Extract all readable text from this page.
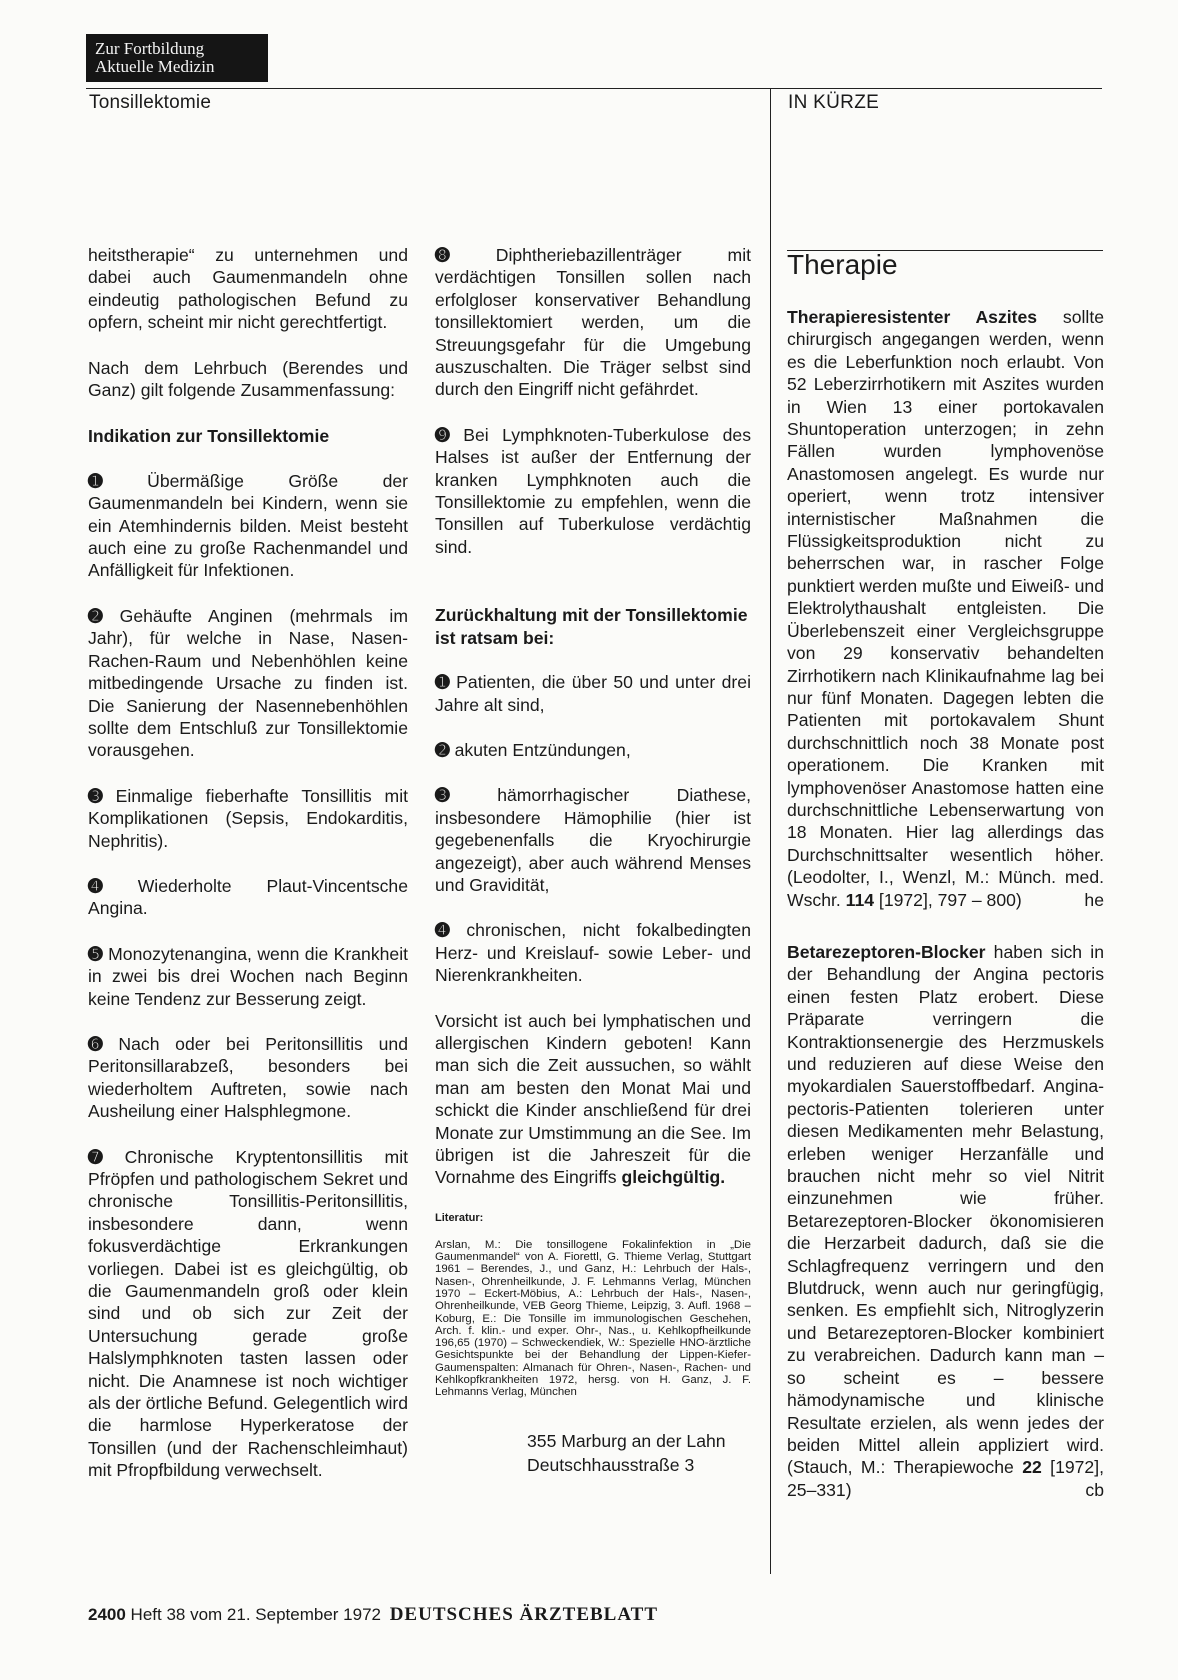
Zur Fortbildung
Aktuelle Medizin
Tonsillektomie	IN KÜRZE

heitstherapie“ zu unternehmen und dabei auch Gaumenmandeln ohne eindeutig pathologischen Befund zu opfern, scheint mir nicht gerechtfertigt.

Nach dem Lehrbuch (Berendes und Ganz) gilt folgende Zusammenfassung:

Indikation zur Tonsillektomie

➊	Übermäßige Größe der Gaumenmandeln bei Kindern, wenn sie ein Atemhindernis bilden. Meist besteht auch eine zu große Rachenmandel und Anfälligkeit für Infektionen.

➋ Gehäufte Anginen (mehrmals im Jahr), für welche in Nase, Nasen-Rachen-Raum und Nebenhöhlen keine mitbedingende Ursache zu finden ist. Die Sanierung der Nasennebenhöhlen sollte dem Entschluß zur Tonsillektomie vorausgehen.

➌ Einmalige fieberhafte Tonsillitis mit Komplikationen (Sepsis, Endokarditis, Nephritis).

➍ Wiederholte Plaut-Vincentsche Angina.

➎ Monozytenangina, wenn die Krankheit in zwei bis drei Wochen nach Beginn keine Tendenz zur Besserung zeigt.

➏ Nach oder bei Peritonsillitis und Peritonsillarabzeß, besonders bei wiederholtem Auftreten, sowie nach Ausheilung einer Halsphlegmone.

➐ Chronische Kryptentonsillitis mit Pfröpfen und pathologischem Sekret und chronische Tonsillitis-Peritonsillitis, insbesondere dann, wenn fokusverdächtige Erkrankungen vorliegen. Dabei ist es gleichgültig, ob die Gaumenmandeln groß oder klein sind und ob sich zur Zeit der Untersuchung gerade große Halslymphknoten tasten lassen oder nicht. Die Anamnese ist noch wichtiger als der örtliche Befund. Gelegentlich wird die harmlose Hyperkeratose der Tonsillen (und der Rachenschleimhaut) mit Pfropfbildung verwechselt.

➑	Diphtheriebazillenträger mit verdächtigen Tonsillen sollen nach erfolgloser konservativer Behandlung tonsillektomiert werden, um die Streuungsgefahr für die Umgebung auszuschalten. Die Träger selbst sind durch den Eingriff nicht gefährdet.

➒ Bei Lymphknoten-Tuberkulose des Halses ist außer der Entfernung der kranken Lymphknoten auch die Tonsillektomie zu empfehlen, wenn die Tonsillen auf Tuberkulose verdächtig sind.

Zurückhaltung mit der Tonsillektomie ist ratsam bei:

➊ Patienten, die über 50 und unter drei Jahre alt sind,

➋ akuten Entzündungen,

➌	hämorrhagischer Diathese, insbesondere Hämophilie (hier ist gegebenenfalls die Kryochirurgie angezeigt), aber auch während Menses und Gravidität,

➍ chronischen, nicht fokalbedingten Herz- und Kreislauf- sowie Leber- und Nierenkrankheiten.

Vorsicht ist auch bei lymphatischen und allergischen Kindern geboten! Kann man sich die Zeit aussuchen, so wählt man am besten den Monat Mai und schickt die Kinder anschließend für drei Monate zur Umstimmung an die See. Im übrigen ist die Jahreszeit für die Vornahme des Eingriffs gleichgültig.

Literatur:

Arslan, M.: Die tonsillogene Fokalinfektion in „Die Gaumenmandel“ von A. Fiorettl, G. Thieme Verlag, Stuttgart 1961 – Berendes, J., und Ganz, H.: Lehrbuch der Hals-, Nasen-, Ohrenheilkunde, J. F. Lehmanns Verlag, München 1970 – Eckert-Möbius, A.: Lehrbuch der Hals-, Nasen-, Ohrenheilkunde, VEB Georg Thieme, Leipzig, 3. Aufl. 1968 – Koburg, E.: Die Tonsille im immunologischen Geschehen, Arch. f. klin.- und exper. Ohr-, Nas., u. Kehlkopfheilkunde 196,65 (1970) – Schweckendiek, W.: Spezielle HNO-ärztliche Gesichtspunkte bei der Behandlung der Lippen-Kiefer-Gaumenspalten: Almanach für Ohren-, Nasen-, Rachen- und Kehlkopfkrankheiten 1972, hersg. von H. Ganz, J. F. Lehmanns Verlag, München

355 Marburg an der Lahn
Deutschhausstraße 3

Therapie

Therapieresistenter Aszites sollte chirurgisch angegangen werden, wenn es die Leberfunktion noch erlaubt. Von 52 Leberzirrhotikern mit Aszites wurden in Wien 13 einer portokavalen Shuntoperation unterzogen; in zehn Fällen wurden lymphovenöse Anastomosen angelegt. Es wurde nur operiert, wenn trotz intensiver internistischer Maßnahmen die Flüssigkeitsproduktion nicht zu beherrschen war, in rascher Folge punktiert werden mußte und Eiweiß- und Elektrolythaushalt entgleisten. Die Überlebenszeit einer Vergleichsgruppe von 29 konservativ behandelten Zirrhotikern nach Klinikaufnahme lag bei nur fünf Monaten. Dagegen lebten die Patienten mit portokavalem Shunt durchschnittlich noch 38 Monate post operationem. Die Kranken mit lymphovenöser Anastomose hatten eine durchschnittliche Lebenserwartung von 18 Monaten. Hier lag allerdings das Durchschnittsalter wesentlich höher. (Leodolter, I., Wenzl, M.: Münch. med. Wschr. 114 [1972], 797 – 800)	he

Betarezeptoren-Blocker haben sich in der Behandlung der Angina pectoris einen festen Platz erobert. Diese Präparate verringern die Kontraktionsenergie des Herzmuskels und reduzieren auf diese Weise den myokardialen Sauerstoffbedarf. Angina-pectoris-Patienten tolerieren unter diesen Medikamenten mehr Belastung, erleben weniger Herzanfälle und brauchen nicht mehr so viel Nitrit einzunehmen wie früher. Betarezeptoren-Blocker ökonomisieren die Herzarbeit dadurch, daß sie die Schlagfrequenz verringern und den Blutdruck, wenn auch nur geringfügig, senken. Es empfiehlt sich, Nitroglyzerin und Betarezeptoren-Blocker kombiniert zu verabreichen. Dadurch kann man – so scheint es – bessere hämodynamische und klinische Resultate erzielen, als wenn jedes der beiden Mittel allein appliziert wird. (Stauch, M.: Therapiewoche 22 [1972], 25–331)	cb

2400 Heft 38 vom 21. September 1972 DEUTSCHES ÄRZTEBLATT
